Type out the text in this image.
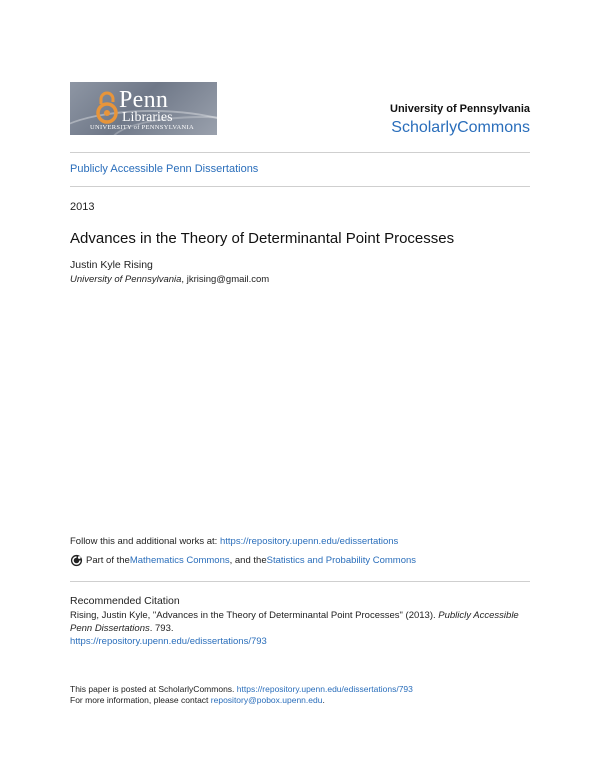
Penn
Libraries
UNIVERSITY of PENNSYLVANIA
University of Pennsylvania
ScholarlyCommons
Publicly Accessible Penn Dissertations
2013
Advances in the Theory of Determinantal Point Processes
Justin Kyle Rising
University of Pennsylvania, jkrising@gmail.com
Follow this and additional works at: https://repository.upenn.edu/edissertations
Part of the Mathematics Commons , and the Statistics and Probability Commons
Recommended Citation
Rising, Justin Kyle, "Advances in the Theory of Determinantal Point Processes" (2013). Publicly Accessible Penn Dissertations. 793.
https://repository.upenn.edu/edissertations/793
This paper is posted at ScholarlyCommons. https://repository.upenn.edu/edissertations/793
For more information, please contact repository@pobox.upenn.edu.
